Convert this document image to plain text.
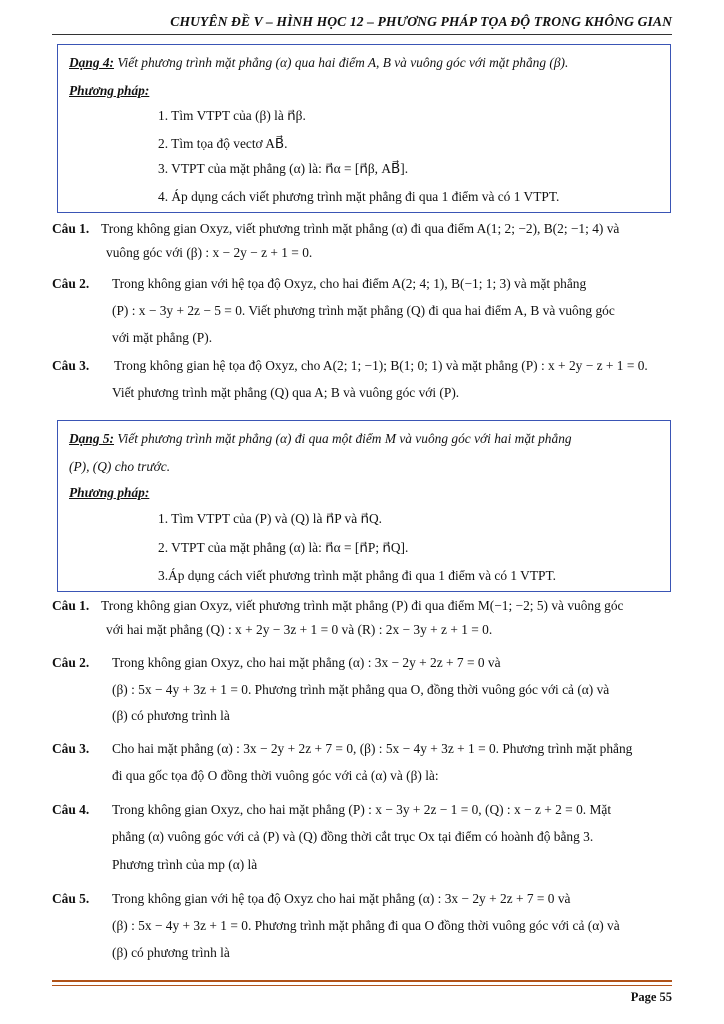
CHUYÊN ĐỀ V – HÌNH HỌC 12 – PHƯƠNG PHÁP TỌA ĐỘ TRONG KHÔNG GIAN
Dạng 4: Viết phương trình mặt phẳng (α) qua hai điểm A, B và vuông góc với mặt phẳng (β).
Phương pháp:
1. Tìm VTPT của (β) là n⃗β.
2. Tìm tọa độ vectơ AB⃗.
3. VTPT của mặt phẳng (α) là: n⃗α = [n⃗β, AB⃗].
4. Áp dụng cách viết phương trình mặt phẳng đi qua 1 điểm và có 1 VTPT.
Câu 1. Trong không gian Oxyz, viết phương trình mặt phẳng (α) đi qua điểm A(1; 2; −2), B(2; −1; 4) và
vuông góc với (β) : x − 2y − z + 1 = 0.
Câu 2. Trong không gian với hệ tọa độ Oxyz, cho hai điểm A(2; 4; 1), B(−1; 1; 3) và mặt phẳng
(P) : x − 3y + 2z − 5 = 0. Viết phương trình mặt phẳng (Q) đi qua hai điểm A, B và vuông góc
với mặt phẳng (P).
Câu 3. Trong không gian hệ tọa độ Oxyz, cho A(2; 1; −1); B(1; 0; 1) và mặt phẳng (P) : x + 2y − z + 1 = 0.
Viết phương trình mặt phẳng (Q) qua A; B và vuông góc với (P).
Dạng 5: Viết phương trình mặt phẳng (α) đi qua một điểm M và vuông góc với hai mặt phẳng
(P), (Q) cho trước.
Phương pháp:
1. Tìm VTPT của (P) và (Q) là n⃗P và n⃗Q.
2. VTPT của mặt phẳng (α) là: n⃗α = [n⃗P; n⃗Q].
3.Áp dụng cách viết phương trình mặt phẳng đi qua 1 điểm và có 1 VTPT.
Câu 1. Trong không gian Oxyz, viết phương trình mặt phẳng (P) đi qua điểm M(−1; −2; 5) và vuông góc
với hai mặt phẳng (Q) : x + 2y − 3z + 1 = 0 và (R) : 2x − 3y + z + 1 = 0.
Câu 2. Trong không gian Oxyz, cho hai mặt phẳng (α) : 3x − 2y + 2z + 7 = 0 và
(β) : 5x − 4y + 3z + 1 = 0. Phương trình mặt phẳng qua O, đồng thời vuông góc với cả (α) và
(β) có phương trình là
Câu 3. Cho hai mặt phẳng (α) : 3x − 2y + 2z + 7 = 0, (β) : 5x − 4y + 3z + 1 = 0. Phương trình mặt phẳng
đi qua gốc tọa độ O đồng thời vuông góc với cả (α) và (β) là:
Câu 4. Trong không gian Oxyz, cho hai mặt phẳng (P) : x − 3y + 2z − 1 = 0, (Q) : x − z + 2 = 0. Mặt
phẳng (α) vuông góc với cả (P) và (Q) đồng thời cắt trục Ox tại điểm có hoành độ bằng 3.
Phương trình của mp (α) là
Câu 5. Trong không gian với hệ tọa độ Oxyz cho hai mặt phẳng (α) : 3x − 2y + 2z + 7 = 0 và
(β) : 5x − 4y + 3z + 1 = 0. Phương trình mặt phẳng đi qua O đồng thời vuông góc với cả (α) và
(β) có phương trình là
Page 55
